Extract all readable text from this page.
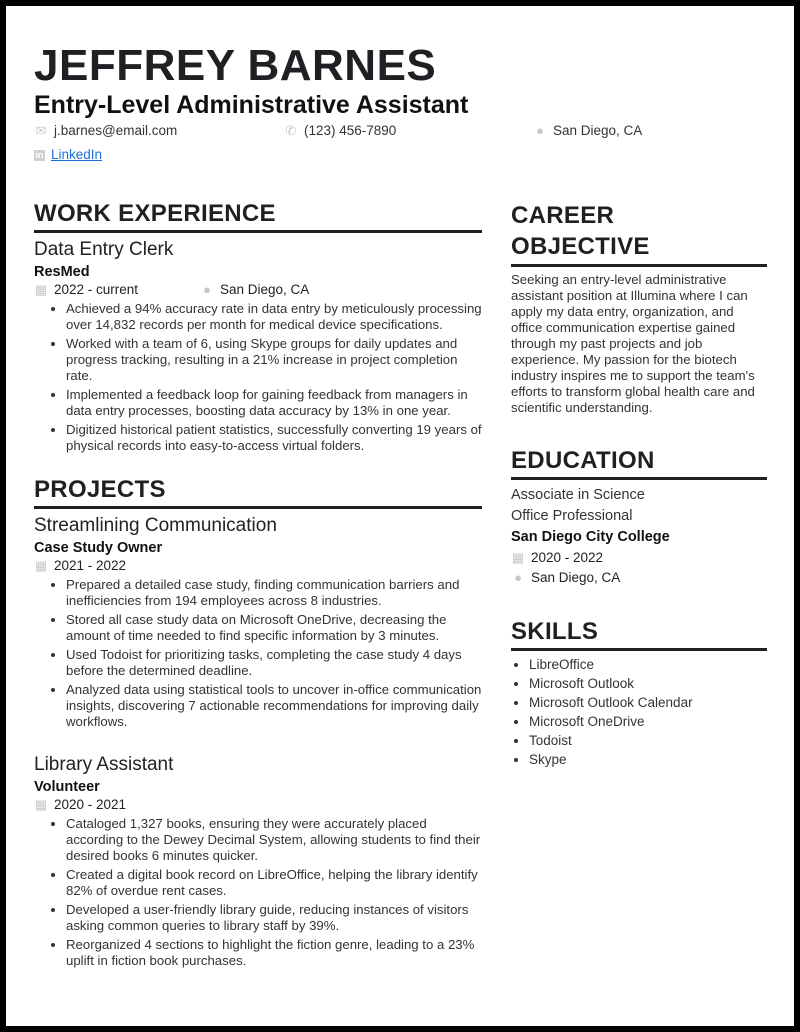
JEFFREY BARNES
Entry-Level Administrative Assistant
✉ j.barnes@email.com	✆ (123) 456-7890	● San Diego, CA
in LinkedIn
WORK EXPERIENCE
Data Entry Clerk
ResMed
▦ 2022 - current	● San Diego, CA
• Achieved a 94% accuracy rate in data entry by meticulously processing over 14,832 records per month for medical device specifications.
• Worked with a team of 6, using Skype groups for daily updates and progress tracking, resulting in a 21% increase in project completion rate.
• Implemented a feedback loop for gaining feedback from managers in data entry processes, boosting data accuracy by 13% in one year.
• Digitized historical patient statistics, successfully converting 19 years of physical records into easy-to-access virtual folders.
PROJECTS
Streamlining Communication
Case Study Owner
▦ 2021 - 2022
• Prepared a detailed case study, finding communication barriers and inefficiencies from 194 employees across 8 industries.
• Stored all case study data on Microsoft OneDrive, decreasing the amount of time needed to find specific information by 3 minutes.
• Used Todoist for prioritizing tasks, completing the case study 4 days before the determined deadline.
• Analyzed data using statistical tools to uncover in-office communication insights, discovering 7 actionable recommendations for improving daily workflows.
Library Assistant
Volunteer
▦ 2020 - 2021
• Cataloged 1,327 books, ensuring they were accurately placed according to the Dewey Decimal System, allowing students to find their desired books 6 minutes quicker.
• Created a digital book record on LibreOffice, helping the library identify 82% of overdue rent cases.
• Developed a user-friendly library guide, reducing instances of visitors asking common queries to library staff by 39%.
• Reorganized 4 sections to highlight the fiction genre, leading to a 23% uplift in fiction book purchases.
CAREER
OBJECTIVE
Seeking an entry-level administrative assistant position at Illumina where I can apply my data entry, organization, and office communication expertise gained through my past projects and job experience. My passion for the biotech industry inspires me to support the team's efforts to transform global health care and scientific understanding.
EDUCATION
Associate in Science
Office Professional
San Diego City College
▦ 2020 - 2022
● San Diego, CA
SKILLS
• LibreOffice
• Microsoft Outlook
• Microsoft Outlook Calendar
• Microsoft OneDrive
• Todoist
• Skype
